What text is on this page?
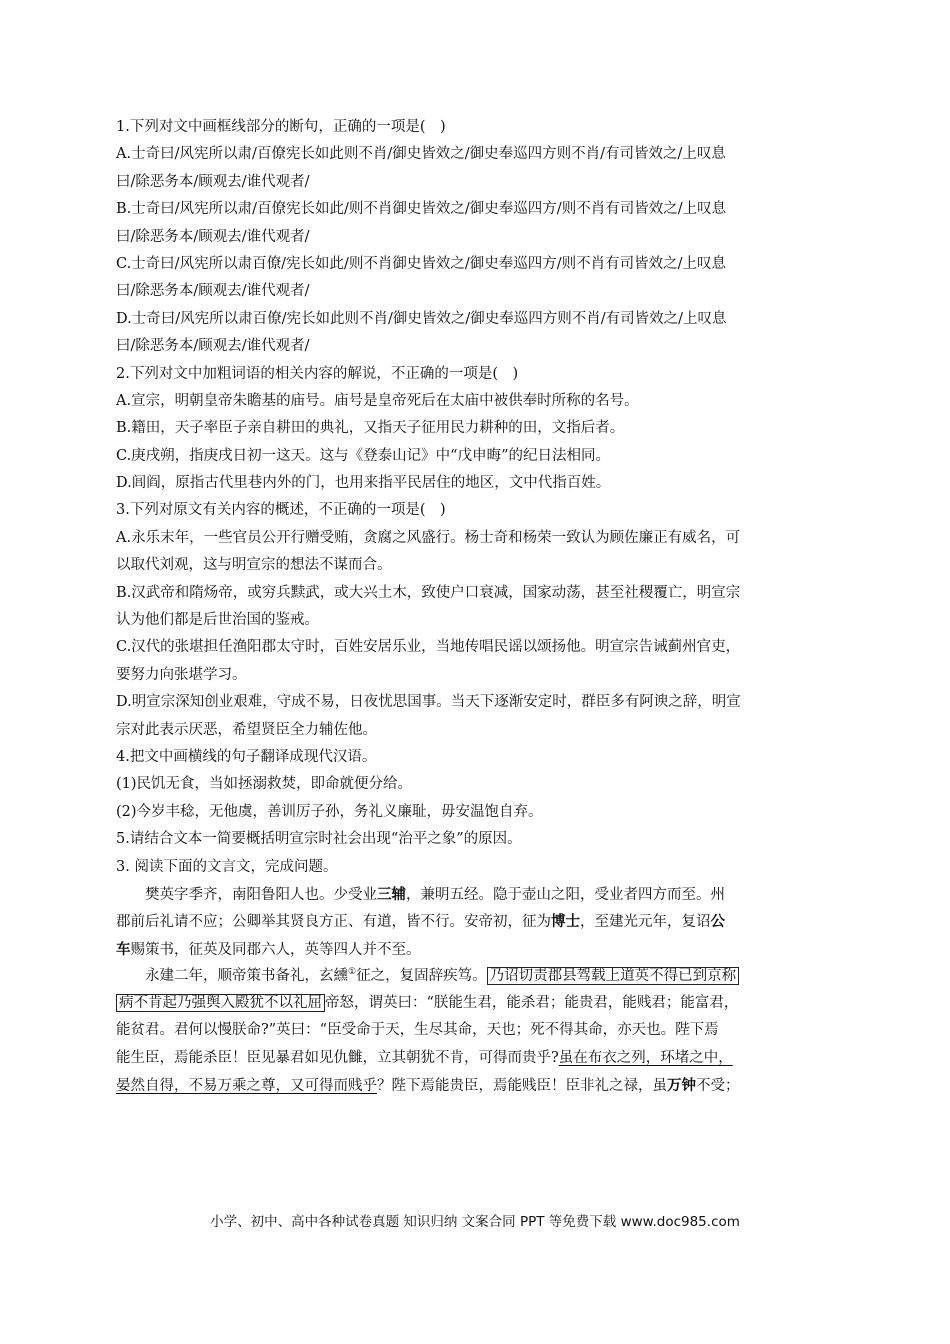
1.下列对文中画框线部分的断句，正确的一项是(　)
A.士奇曰/风宪所以肃/百僚宪长如此则不肖/御史皆效之/御史奉巡四方则不肖/有司皆效之/上叹息
曰/除恶务本/顾观去/谁代观者/
B.士奇曰/风宪所以肃/百僚宪长如此/则不肖御史皆效之/御史奉巡四方/则不肖有司皆效之/上叹息
曰/除恶务本/顾观去/谁代观者/
C.士奇曰/风宪所以肃百僚/宪长如此/则不肖御史皆效之/御史奉巡四方/则不肖有司皆效之/上叹息
曰/除恶务本/顾观去/谁代观者/
D.士奇曰/风宪所以肃百僚/宪长如此则不肖/御史皆效之/御史奉巡四方则不肖/有司皆效之/上叹息
曰/除恶务本/顾观去/谁代观者/
2.下列对文中加粗词语的相关内容的解说，不正确的一项是(　)
A.宣宗，明朝皇帝朱瞻基的庙号。庙号是皇帝死后在太庙中被供奉时所称的名号。
B.籍田，天子率臣子亲自耕田的典礼，又指天子征用民力耕种的田，文指后者。
C.庚戌朔，指庚戌日初一这天。这与《登泰山记》中“戊申晦”的纪日法相同。
D.闾阎，原指古代里巷内外的门，也用来指平民居住的地区，文中代指百姓。
3.下列对原文有关内容的概述，不正确的一项是(　)
A.永乐末年，一些官员公开行赠受贿，贪腐之风盛行。杨士奇和杨荣一致认为顾佐廉正有威名，可
以取代刘观，这与明宣宗的想法不谋而合。
B.汉武帝和隋炀帝，或穷兵黩武，或大兴土木，致使户口衰减，国家动荡，甚至社稷覆亡，明宣宗
认为他们都是后世治国的鉴戒。
C.汉代的张堪担任渔阳郡太守时，百姓安居乐业，当地传唱民谣以颂扬他。明宣宗告诫蓟州官吏，
要努力向张堪学习。
D.明宣宗深知创业艰难，守成不易，日夜忧思国事。当天下逐渐安定时，群臣多有阿谀之辞，明宣
宗对此表示厌恶，希望贤臣全力辅佐他。
4.把文中画横线的句子翻译成现代汉语。
(1)民饥无食，当如拯溺救焚，即命就便分给。
(2)今岁丰稔，无他虞，善训厉子孙，务礼义廉耻，毋安温饱自弃。
5.请结合文本一简要概括明宣宗时社会出现“治平之象”的原因。
3. 阅读下面的文言文，完成问题。
樊英字季齐，南阳鲁阳人也。少受业三辅，兼明五经。隐于壶山之阳，受业者四方而至。州
郡前后礼请不应；公卿举其贤良方正、有道，皆不行。安帝初，征为博士，至建光元年，复诏公
车赐策书，征英及同郡六人，英等四人并不至。
永建二年，顺帝策书备礼，玄纁①征之，复固辞疾笃。 乃诏切责郡县驾载上道英不得已到京称
病不肯起乃强舆入殿犹不以礼屈 帝怒，谓英曰：“朕能生君，能杀君；能贵君，能贱君；能富君，
能贫君。君何以慢朕命?”英曰：“臣受命于天，生尽其命，天也；死不得其命，亦天也。陛下焉
能生臣，焉能杀臣！臣见暴君如见仇雠，立其朝犹不肯，可得而贵乎?虽在布衣之列，环堵之中，
晏然自得，不易万乘之尊，又可得而贱乎？陛下焉能贵臣，焉能贱臣！臣非礼之禄，虽万钟不受；
小学、初中、高中各种试卷真题 知识归纳 文案合同 PPT 等免费下载 www.doc985.com
